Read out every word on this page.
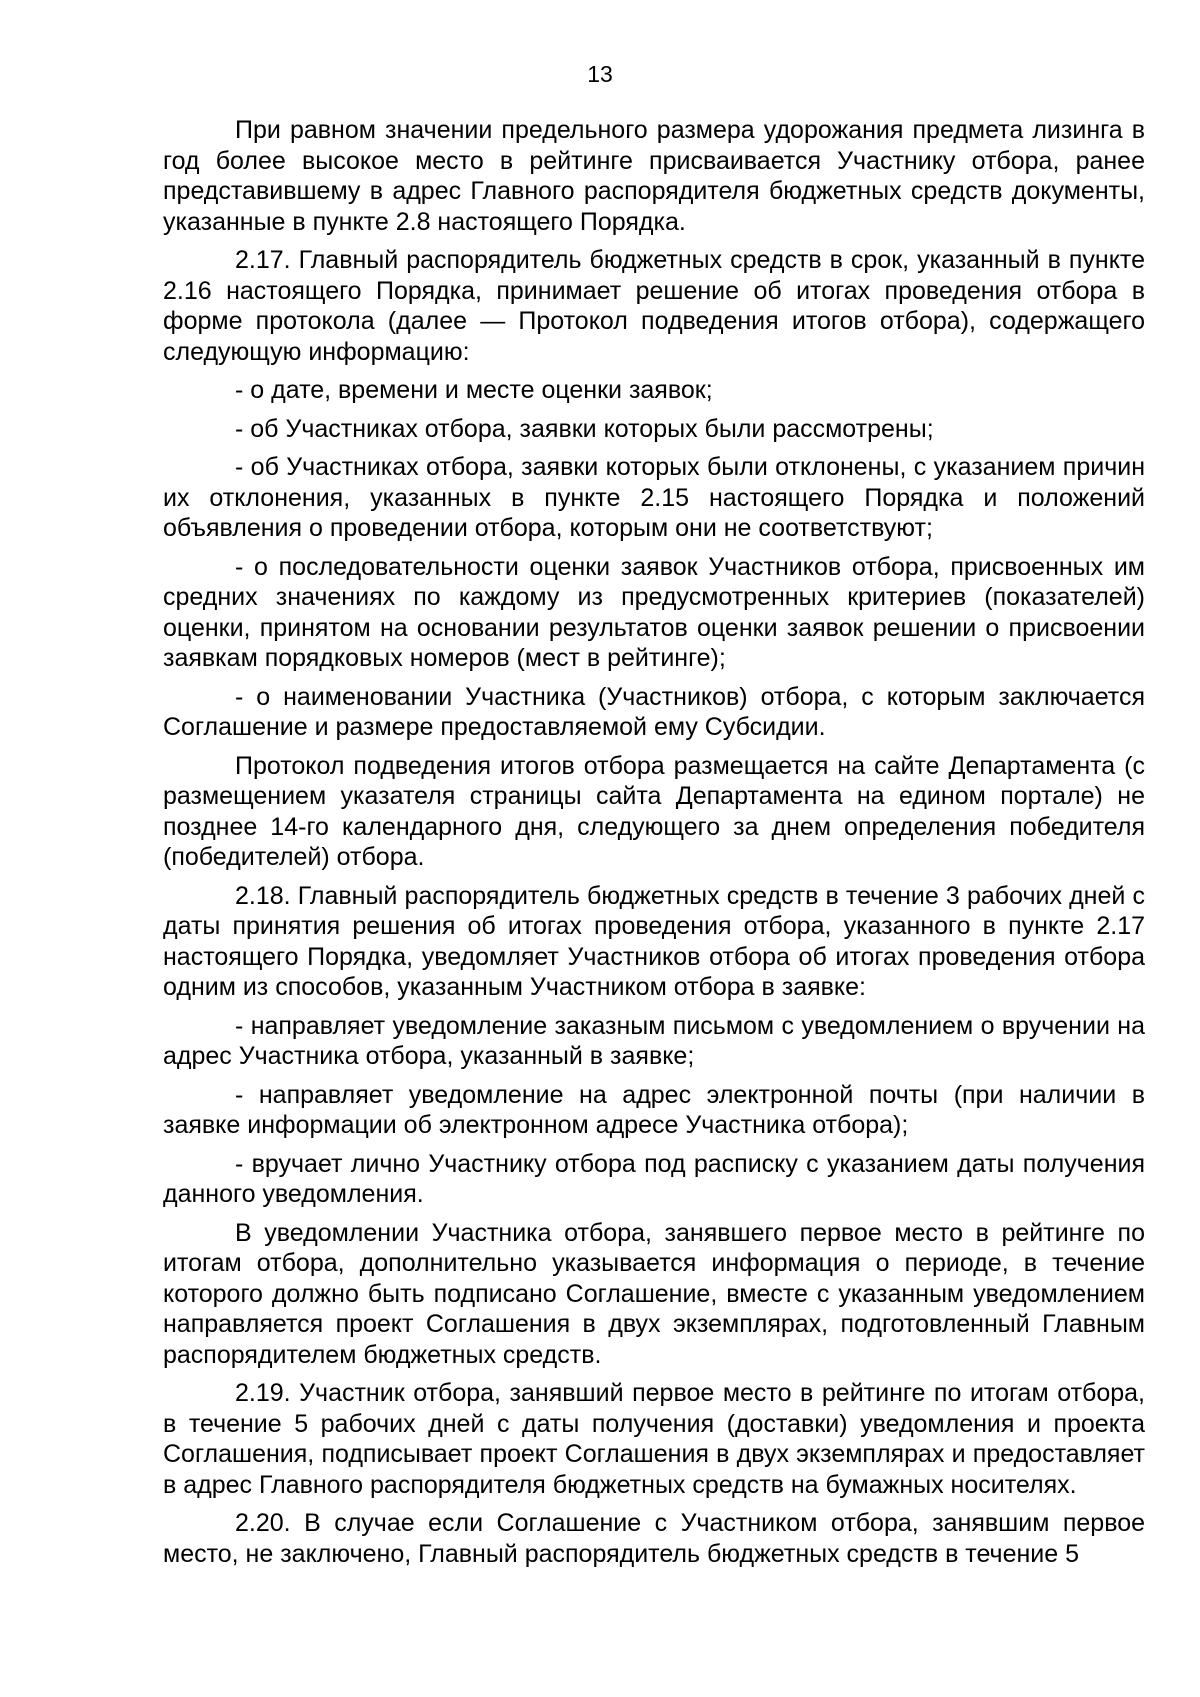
13

При равном значении предельного размера удорожания предмета лизинга в год более высокое место в рейтинге присваивается Участнику отбора, ранее представившему в адрес Главного распорядителя бюджетных средств документы, указанные в пункте 2.8 настоящего Порядка.

2.17. Главный распорядитель бюджетных средств в срок, указанный в пункте 2.16 настоящего Порядка, принимает решение об итогах проведения отбора в форме протокола (далее — Протокол подведения итогов отбора), содержащего следующую информацию:

- о дате, времени и месте оценки заявок;

- об Участниках отбора, заявки которых были рассмотрены;

- об Участниках отбора, заявки которых были отклонены, с указанием причин их отклонения, указанных в пункте 2.15 настоящего Порядка и положений объявления о проведении отбора, которым они не соответствуют;

- о последовательности оценки заявок Участников отбора, присвоенных им средних значениях по каждому из предусмотренных критериев (показателей) оценки, принятом на основании результатов оценки заявок решении о присвоении заявкам порядковых номеров (мест в рейтинге);

- о наименовании Участника (Участников) отбора, с которым заключается Соглашение и размере предоставляемой ему Субсидии.

Протокол подведения итогов отбора размещается на сайте Департамента (с размещением указателя страницы сайта Департамента на едином портале) не позднее 14-го календарного дня, следующего за днем определения победителя (победителей) отбора.

2.18. Главный распорядитель бюджетных средств в течение 3 рабочих дней с даты принятия решения об итогах проведения отбора, указанного в пункте 2.17 настоящего Порядка, уведомляет Участников отбора об итогах проведения отбора одним из способов, указанным Участником отбора в заявке:

- направляет уведомление заказным письмом с уведомлением о вручении на адрес Участника отбора, указанный в заявке;

- направляет уведомление на адрес электронной почты (при наличии в заявке информации об электронном адресе Участника отбора);

- вручает лично Участнику отбора под расписку с указанием даты получения данного уведомления.

В уведомлении Участника отбора, занявшего первое место в рейтинге по итогам отбора, дополнительно указывается информация о периоде, в течение которого должно быть подписано Соглашение, вместе с указанным уведомлением направляется проект Соглашения в двух экземплярах, подготовленный Главным распорядителем бюджетных средств.

2.19. Участник отбора, занявший первое место в рейтинге по итогам отбора, в течение 5 рабочих дней с даты получения (доставки) уведомления и проекта Соглашения, подписывает проект Соглашения в двух экземплярах и предоставляет в адрес Главного распорядителя бюджетных средств на бумажных носителях.

2.20. В случае если Соглашение с Участником отбора, занявшим первое место, не заключено, Главный распорядитель бюджетных средств в течение 5
